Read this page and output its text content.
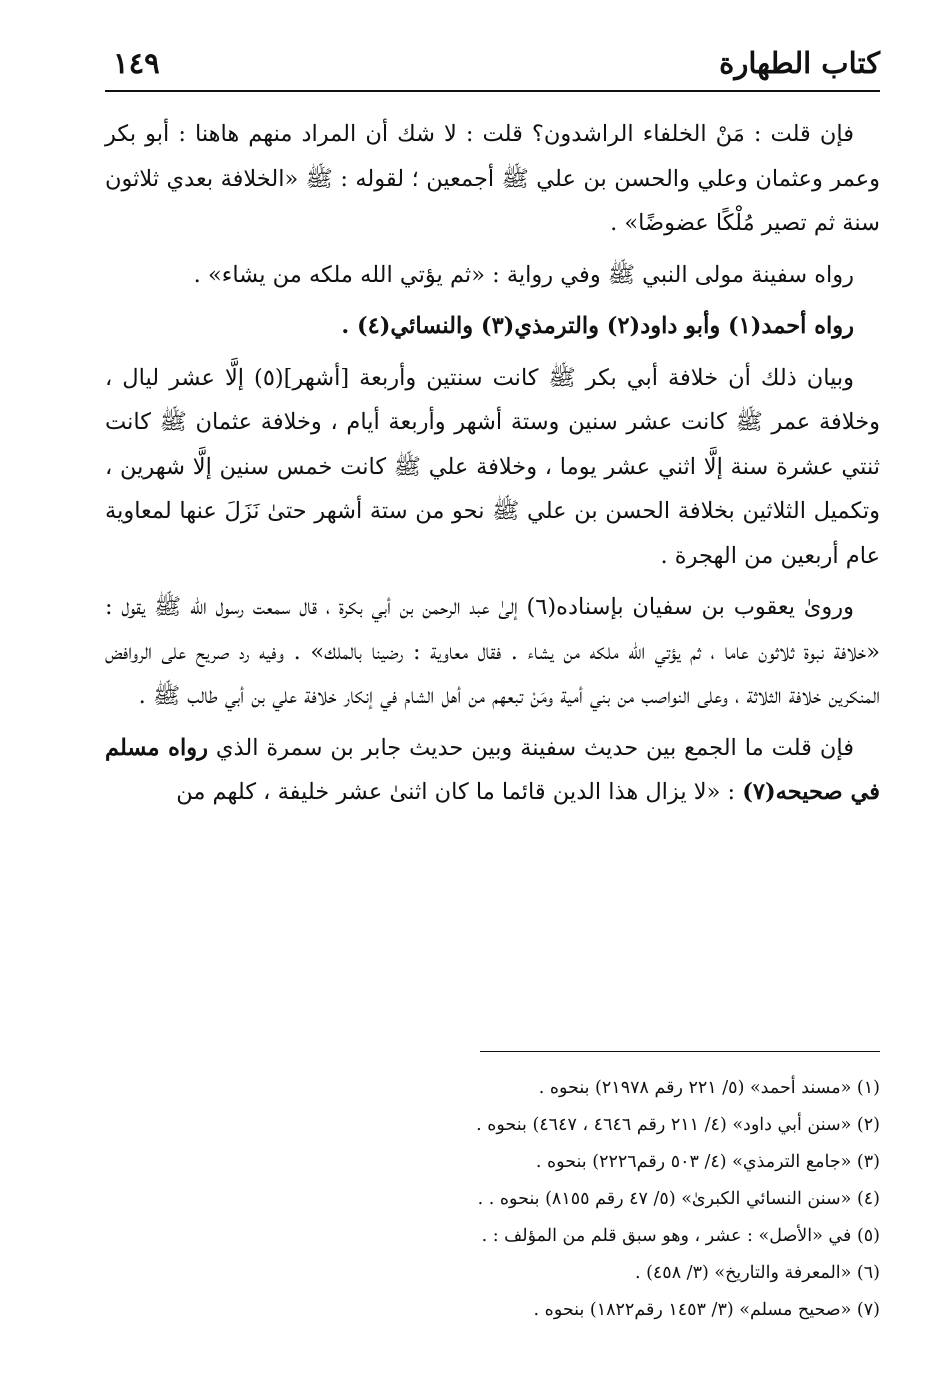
كتاب الطهارة
١٤٩

فإن قلت : مَنْ الخلفاء الراشدون؟ قلت : لا شك أن المراد منهم هاهنا : أبو بكر وعمر وعثمان وعلي والحسن بن علي ﷺ أجمعين ؛ لقوله : ﷺ «الخلافة بعدي ثلاثون سنة ثم تصير مُلْكًا عضوضًا» .

رواه سفينة مولى النبي ﷺ وفي رواية : «ثم يؤتي الله ملكه من يشاء» .

رواه أحمد(١) وأبو داود(٢) والترمذي(٣) والنسائي(٤) .

وبيان ذلك أن خلافة أبي بكر ﷺ كانت سنتين وأربعة [أشهر](٥) إلَّا عشر ليال ، وخلافة عمر ﷺ كانت عشر سنين وستة أشهر وأربعة أيام ، وخلافة عثمان ﷺ كانت ثنتي عشرة سنة إلَّا اثني عشر يوما ، وخلافة علي ﷺ كانت خمس سنين إلَّا شهرين ، وتكميل الثلاثين بخلافة الحسن بن علي ﷺ نحو من ستة أشهر حتىٰ نَزَلَ عنها لمعاوية عام أربعين من الهجرة .

وروىٰ يعقوب بن سفيان بإسناده(٦) إلىٰ عبد الرحمن بن أبي بكرة ، قال سمعت رسول الله ﷺ يقول : «خلافة نبوة ثلاثون عاما ، ثم يؤتي الله ملكه من يشاء . فقال معاوية : رضينا بالملك» . وفيه رد صريح على الروافض المنكرين خلافة الثلاثة ، وعلى النواصب من بني أمية ومَنْ تبعهم من أهل الشام في إنكار خلافة علي بن أبي طالب ﷺ .

فإن قلت ما الجمع بين حديث سفينة وبين حديث جابر بن سمرة الذي رواه مسلم في صحيحه(٧) : «لا يزال هذا الدين قائما ما كان اثنىٰ عشر خليفة ، كلهم من

(١) «مسند أحمد» (٥/ ٢٢١ رقم ٢١٩٧٨) بنحوه .

(٢) «سنن أبي داود» (٤/ ٢١١ رقم ٤٦٤٦ ، ٤٦٤٧) بنحوه .

(٣) «جامع الترمذي» (٤/ ٥٠٣ رقم٢٢٢٦) بنحوه .

(٤) «سنن النسائي الكبرىٰ» (٥/ ٤٧ رقم ٨١٥٥) بنحوه . .

(٥) في «الأصل» : عشر ، وهو سبق قلم من المؤلف : .

(٦) «المعرفة والتاريخ» (٣/ ٤٥٨) .

(٧) «صحيح مسلم» (٣/ ١٤٥٣ رقم١٨٢٢) بنحوه .
